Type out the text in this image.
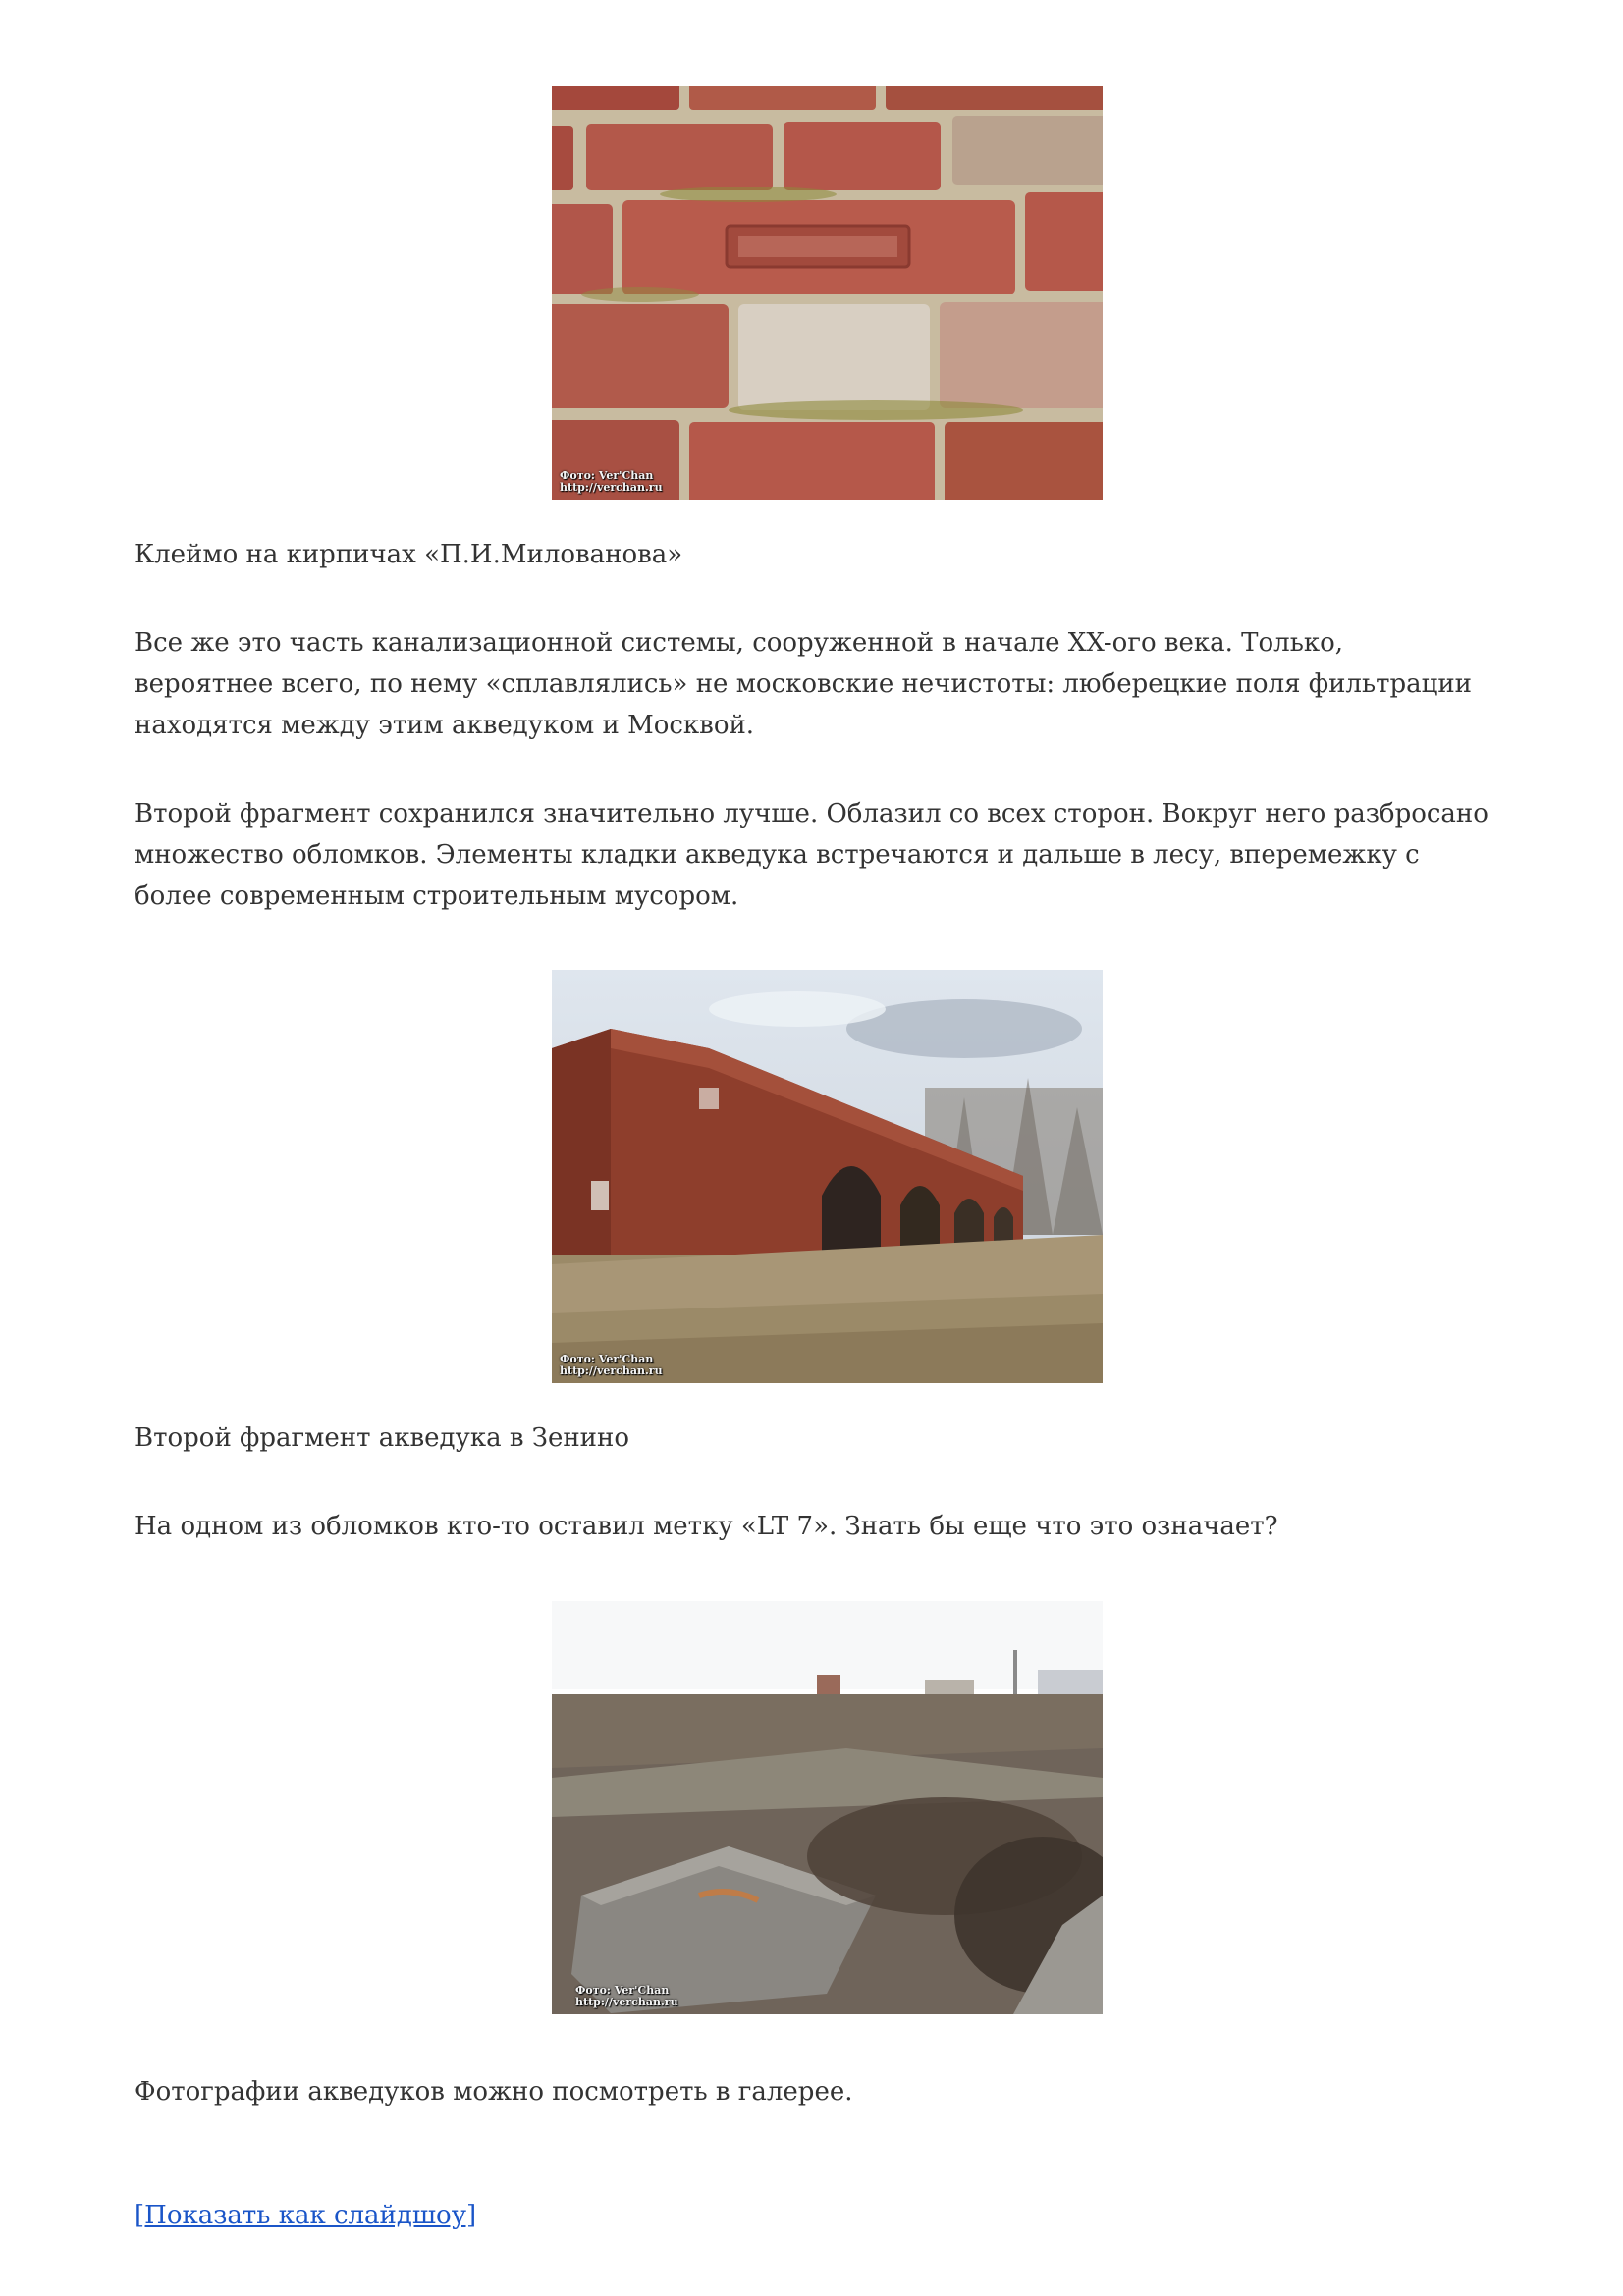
Фото: Ver'Chan
http://verchan.ru

Клеймо на кирпичах «П.И.Милованова»

Все же это часть канализационной системы, сооруженной в начале XX-ого века. Только, вероятнее всего, по нему «сплавлялись» не московские нечистоты: люберецкие поля фильтрации находятся между этим акведуком и Москвой.

Второй фрагмент сохранился значительно лучше. Облазил со всех сторон. Вокруг него разбросано множество обломков. Элементы кладки акведука встречаются и дальше в лесу, вперемежку с более современным строительным мусором.

Фото: Ver'Chan
http://verchan.ru

Второй фрагмент акведука в Зенино

На одном из обломков кто-то оставил метку «LT 7». Знать бы еще что это означает?

Фото: Ver'Chan
http://verchan.ru

Фотографии акведуков можно посмотреть в галерее.

[Показать как слайдшоу]
